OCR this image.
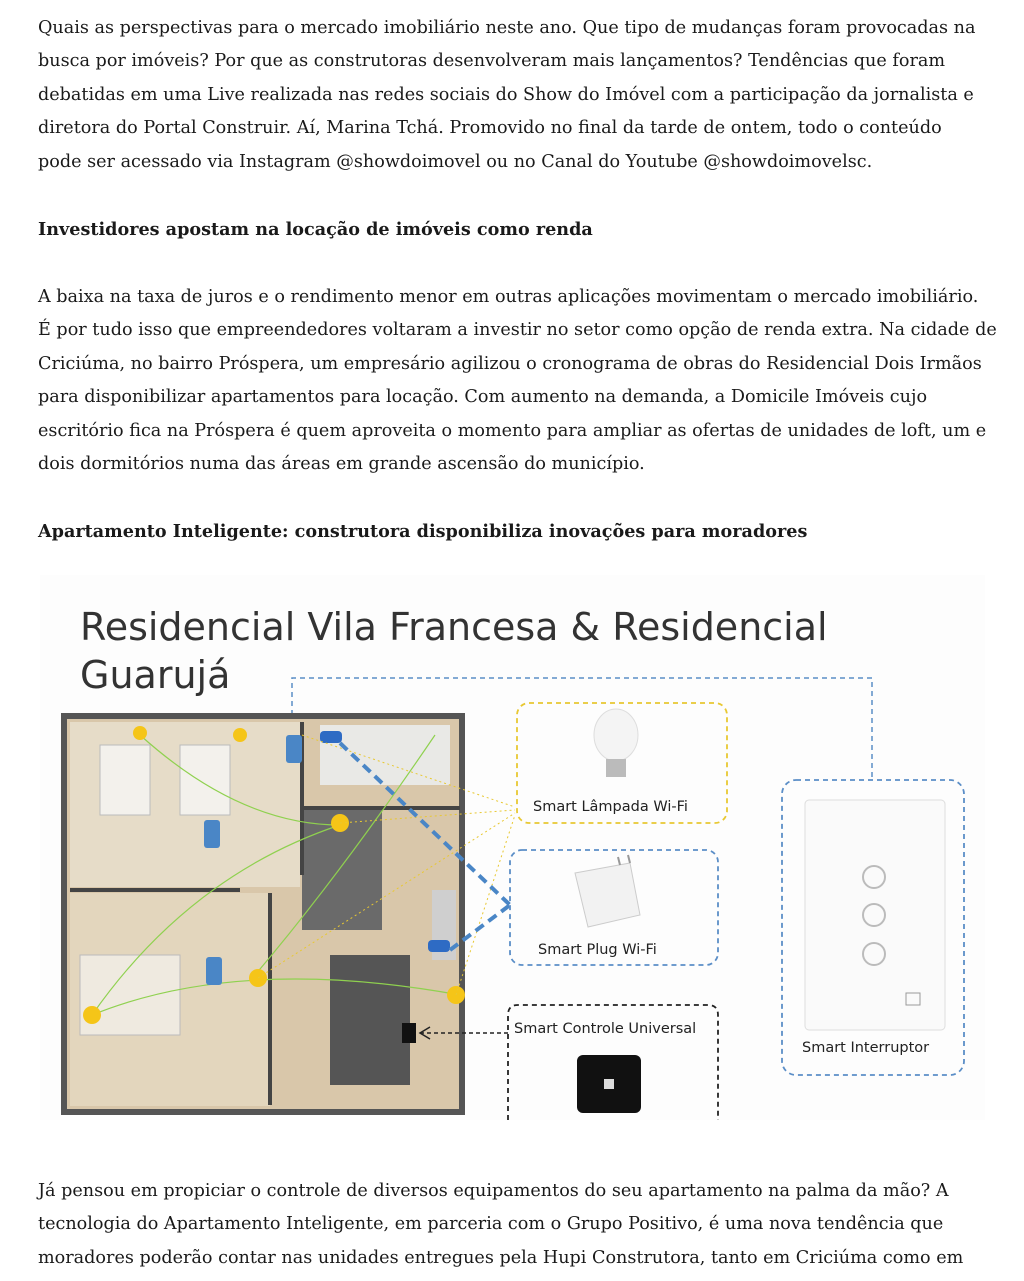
Quais as perspectivas para o mercado imobiliário neste ano. Que tipo de mudanças foram provocadas na
busca por imóveis? Por que as construtoras desenvolveram mais lançamentos? Tendências que foram
debatidas em uma Live realizada nas redes sociais do Show do Imóvel com a participação da jornalista e
diretora do Portal Construir. Aí, Marina Tchá. Promovido no final da tarde de ontem, todo o conteúdo
pode ser acessado via Instagram @showdoimovel ou no Canal do Youtube @showdoimovelsc.
Investidores apostam na locação de imóveis como renda
A baixa na taxa de juros e o rendimento menor em outras aplicações movimentam o mercado imobiliário.
É por tudo isso que empreendedores voltaram a investir no setor como opção de renda extra. Na cidade de
Criciúma, no bairro Próspera, um empresário agilizou o cronograma de obras do Residencial Dois Irmãos
para disponibilizar apartamentos para locação. Com aumento na demanda, a Domicile Imóveis cujo
escritório fica na Próspera é quem aproveita o momento para ampliar as ofertas de unidades de loft, um e
dois dormitórios numa das áreas em grande ascensão do município.
Apartamento Inteligente: construtora disponibiliza inovações para moradores
Residencial Vila Francesa & Residencial
Guarujá
Smart Lâmpada Wi-Fi
Smart Plug Wi-Fi
Smart Controle Universal
Smart Interruptor
Já pensou em propiciar o controle de diversos equipamentos do seu apartamento na palma da mão? A
tecnologia do Apartamento Inteligente, em parceria com o Grupo Positivo, é uma nova tendência que
moradores poderão contar nas unidades entregues pela Hupi Construtora, tanto em Criciúma como em
